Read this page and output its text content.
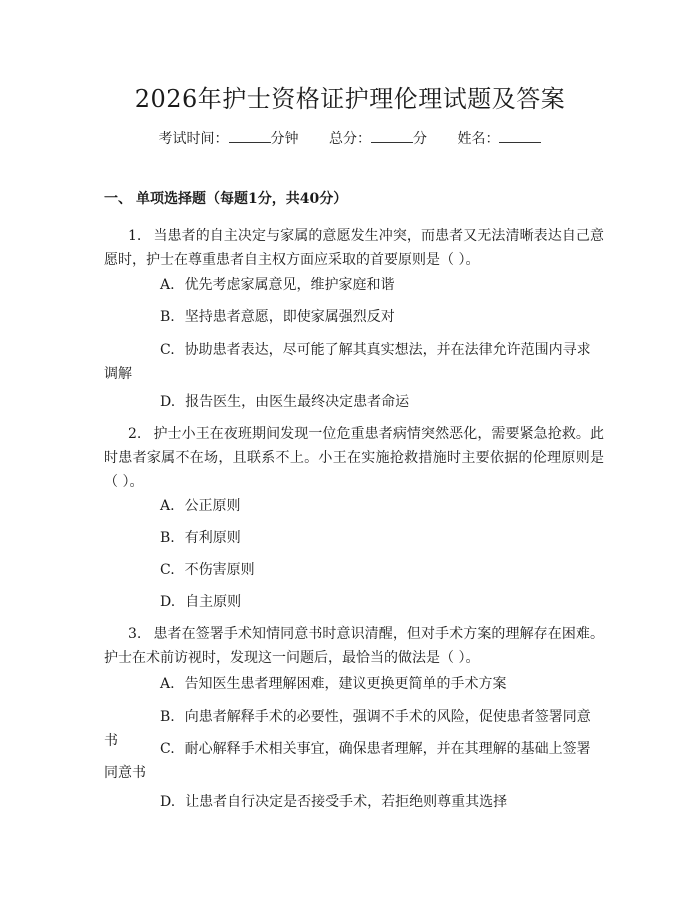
2026年护士资格证护理伦理试题及答案
考试时间：	分钟 总分：	分 姓名：
一、 单项选择题（每题1分，共40分）
1. 当患者的自主决定与家属的意愿发生冲突，而患者又无法清晰表达自己意愿时，护士在尊重患者自主权方面应采取的首要原则是（ ）。
A. 优先考虑家属意见，维护家庭和谐
B. 坚持患者意愿，即使家属强烈反对
C. 协助患者表达，尽可能了解其真实想法，并在法律允许范围内寻求调解
D. 报告医生，由医生最终决定患者命运
2. 护士小王在夜班期间发现一位危重患者病情突然恶化，需要紧急抢救。此时患者家属不在场，且联系不上。小王在实施抢救措施时主要依据的伦理原则是（ ）。
A. 公正原则
B. 有利原则
C. 不伤害原则
D. 自主原则
3. 患者在签署手术知情同意书时意识清醒，但对手术方案的理解存在困难。护士在术前访视时，发现这一问题后，最恰当的做法是（ ）。
A. 告知医生患者理解困难，建议更换更简单的手术方案
B. 向患者解释手术的必要性，强调不手术的风险，促使患者签署同意书	C. 耐心解释手术相关事宜，确保患者理解，并在其理解的基础上签署同意书
D. 让患者自行决定是否接受手术，若拒绝则尊重其选择
